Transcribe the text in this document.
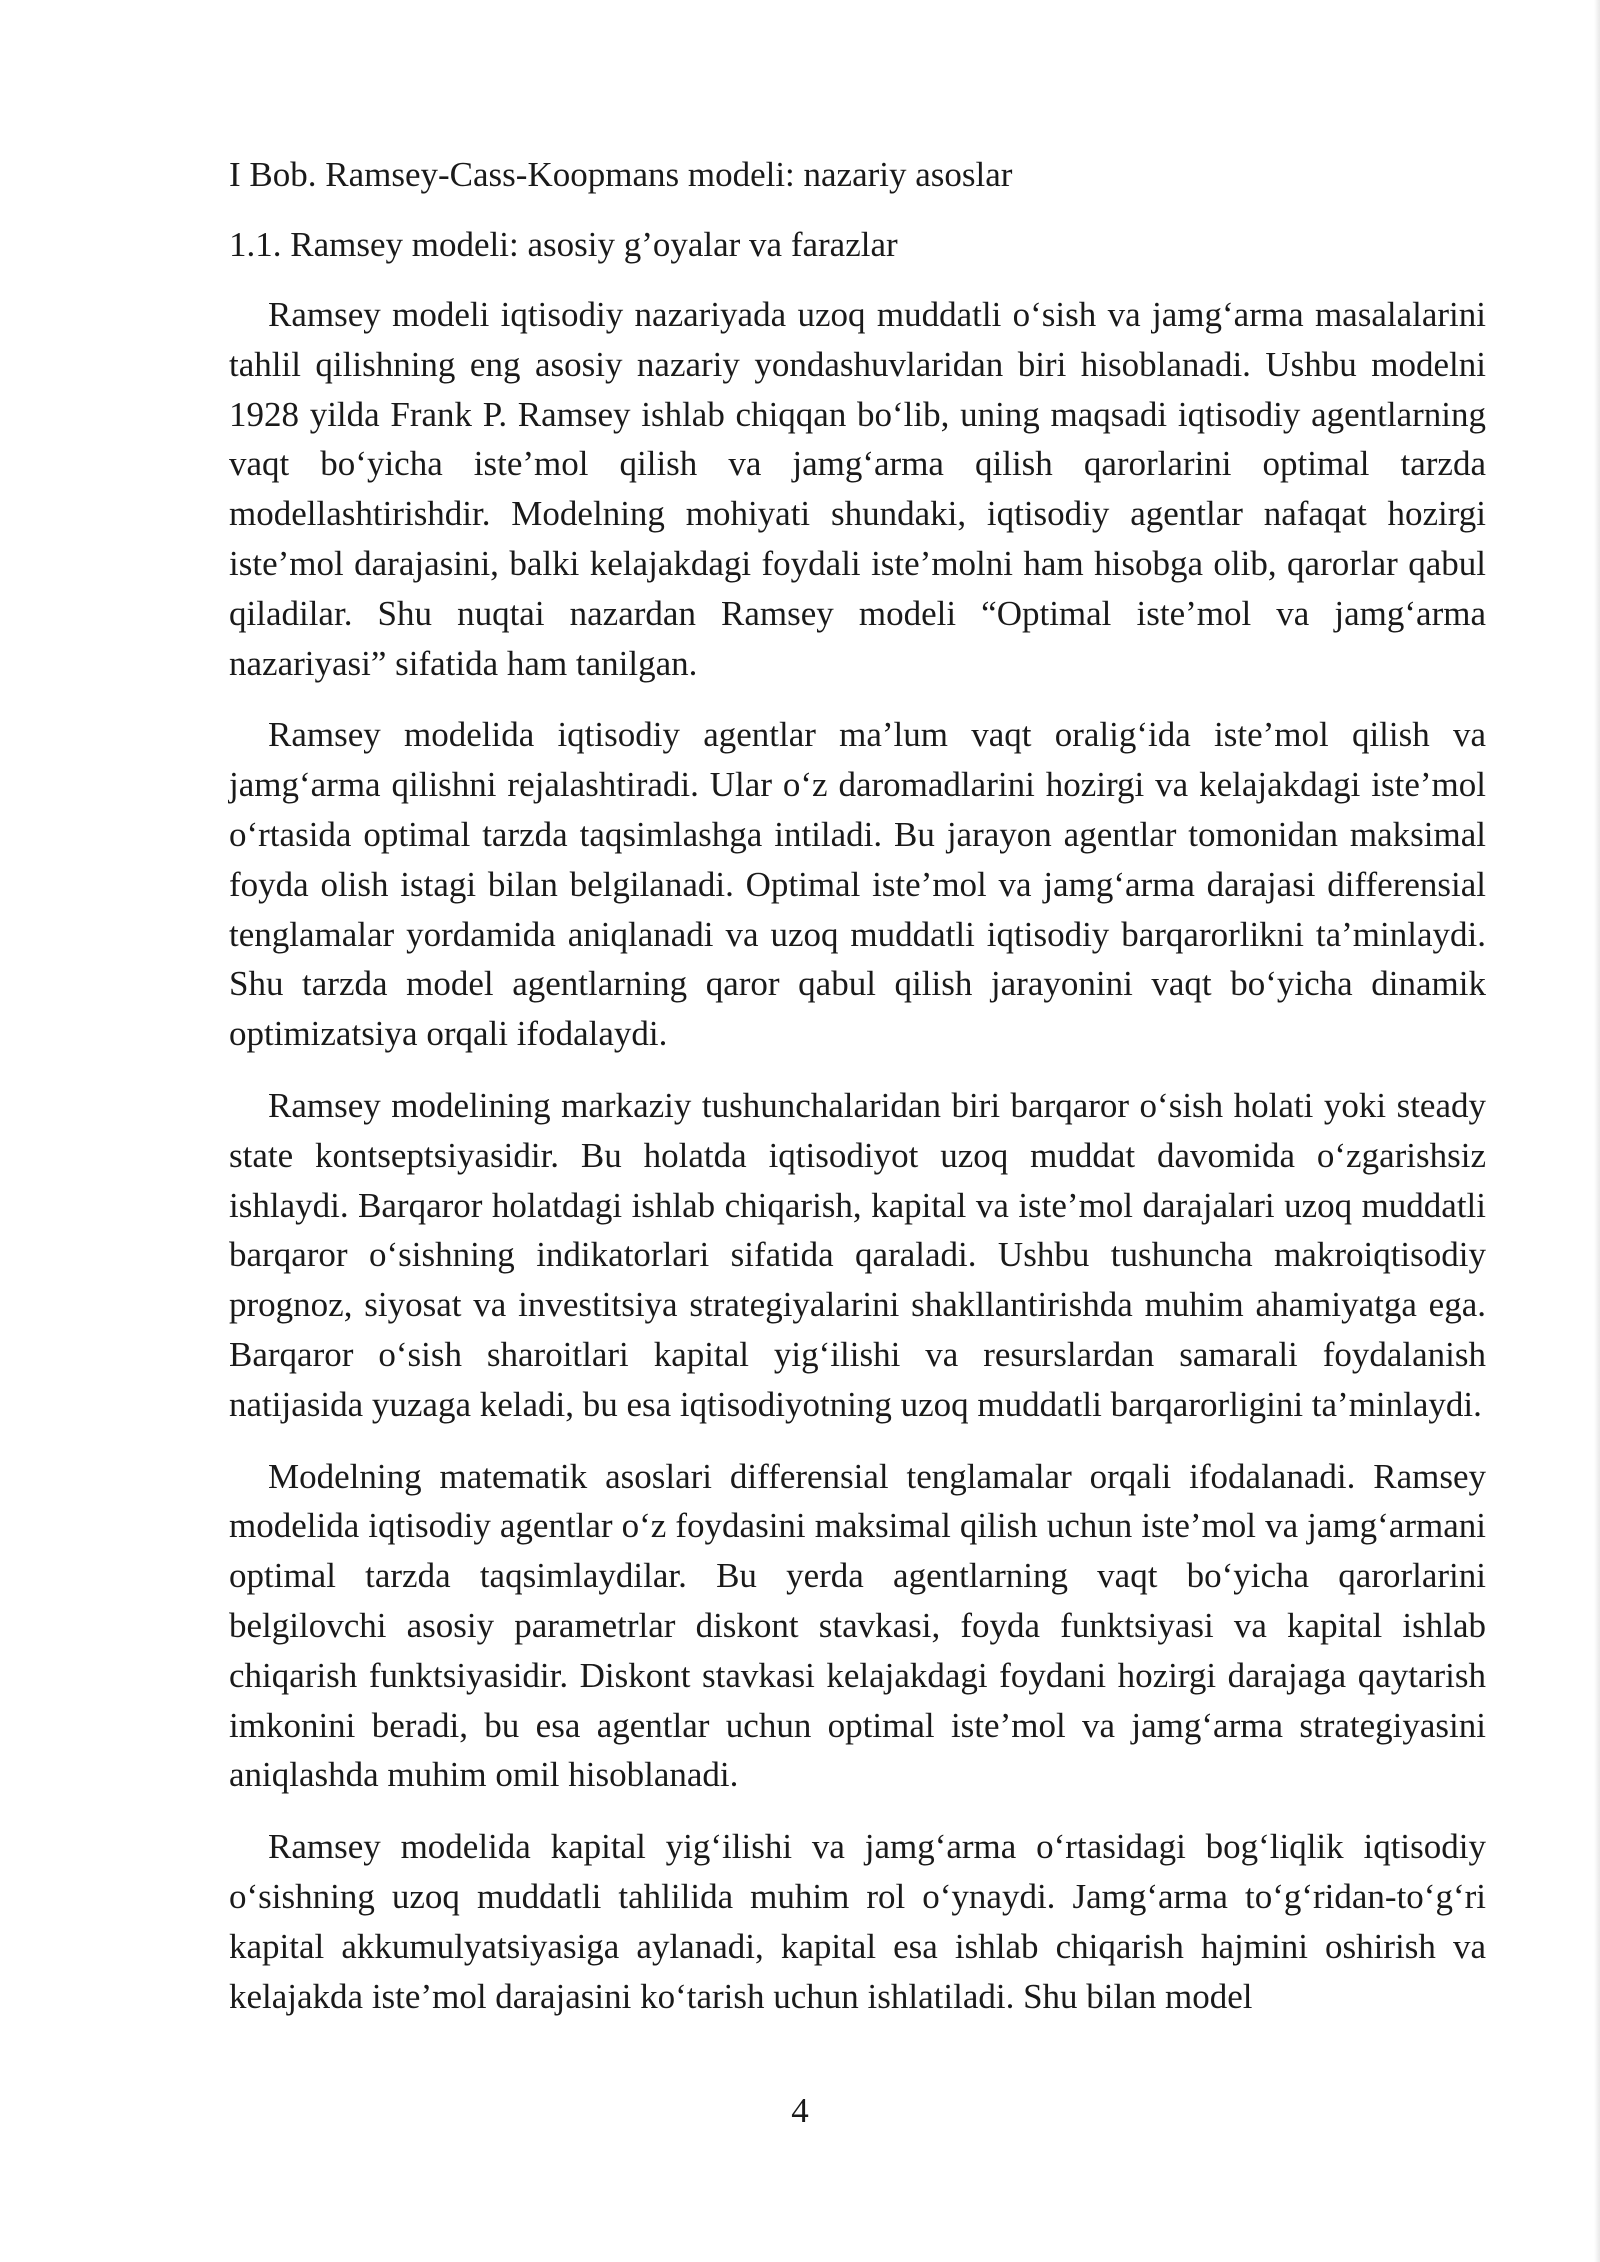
I Bob. Ramsey-Cass-Koopmans modeli: nazariy asoslar
1.1. Ramsey modeli: asosiy g’oyalar va farazlar

Ramsey modeli iqtisodiy nazariyada uzoq muddatli o‘sish va jamg‘arma masalalarini tahlil qilishning eng asosiy nazariy yondashuvlaridan biri hisoblanadi. Ushbu modelni 1928 yilda Frank P. Ramsey ishlab chiqqan bo‘lib, uning maqsadi iqtisodiy agentlarning vaqt bo‘yicha iste’mol qilish va jamg‘arma qilish qarorlarini optimal tarzda modellashtirishdir. Modelning mohiyati shundaki, iqtisodiy agentlar nafaqat hozirgi iste’mol darajasini, balki kelajakdagi foydali iste’molni ham hisobga olib, qarorlar qabul qiladilar. Shu nuqtai nazardan Ramsey modeli “Optimal iste’mol va jamg‘arma nazariyasi” sifatida ham tanilgan.

Ramsey modelida iqtisodiy agentlar ma’lum vaqt oralig‘ida iste’mol qilish va jamg‘arma qilishni rejalashtiradi. Ular o‘z daromadlarini hozirgi va kelajakdagi iste’mol o‘rtasida optimal tarzda taqsimlashga intiladi. Bu jarayon agentlar tomonidan maksimal foyda olish istagi bilan belgilanadi. Optimal iste’mol va jamg‘arma darajasi differensial tenglamalar yordamida aniqlanadi va uzoq muddatli iqtisodiy barqarorlikni ta’minlaydi. Shu tarzda model agentlarning qaror qabul qilish jarayonini vaqt bo‘yicha dinamik optimizatsiya orqali ifodalaydi.

Ramsey modelining markaziy tushunchalaridan biri barqaror o‘sish holati yoki steady state kontseptsiyasidir. Bu holatda iqtisodiyot uzoq muddat davomida o‘zgarishsiz ishlaydi. Barqaror holatdagi ishlab chiqarish, kapital va iste’mol darajalari uzoq muddatli barqaror o‘sishning indikatorlari sifatida qaraladi. Ushbu tushuncha makroiqtisodiy prognoz, siyosat va investitsiya strategiyalarini shakllantirishda muhim ahamiyatga ega. Barqaror o‘sish sharoitlari kapital yig‘ilishi va resurslardan samarali foydalanish natijasida yuzaga keladi, bu esa iqtisodiyotning uzoq muddatli barqarorligini ta’minlaydi.

Modelning matematik asoslari differensial tenglamalar orqali ifodalanadi. Ramsey modelida iqtisodiy agentlar o‘z foydasini maksimal qilish uchun iste’mol va jamg‘armani optimal tarzda taqsimlaydilar. Bu yerda agentlarning vaqt bo‘yicha qarorlarini belgilovchi asosiy parametrlar diskont stavkasi, foyda funktsiyasi va kapital ishlab chiqarish funktsiyasidir. Diskont stavkasi kelajakdagi foydani hozirgi darajaga qaytarish imkonini beradi, bu esa agentlar uchun optimal iste’mol va jamg‘arma strategiyasini aniqlashda muhim omil hisoblanadi.

Ramsey modelida kapital yig‘ilishi va jamg‘arma o‘rtasidagi bog‘liqlik iqtisodiy o‘sishning uzoq muddatli tahlilida muhim rol o‘ynaydi. Jamg‘arma to‘g‘ridan-to‘g‘ri kapital akkumulyatsiyasiga aylanadi, kapital esa ishlab chiqarish hajmini oshirish va kelajakda iste’mol darajasini ko‘tarish uchun ishlatiladi. Shu bilan model

4
